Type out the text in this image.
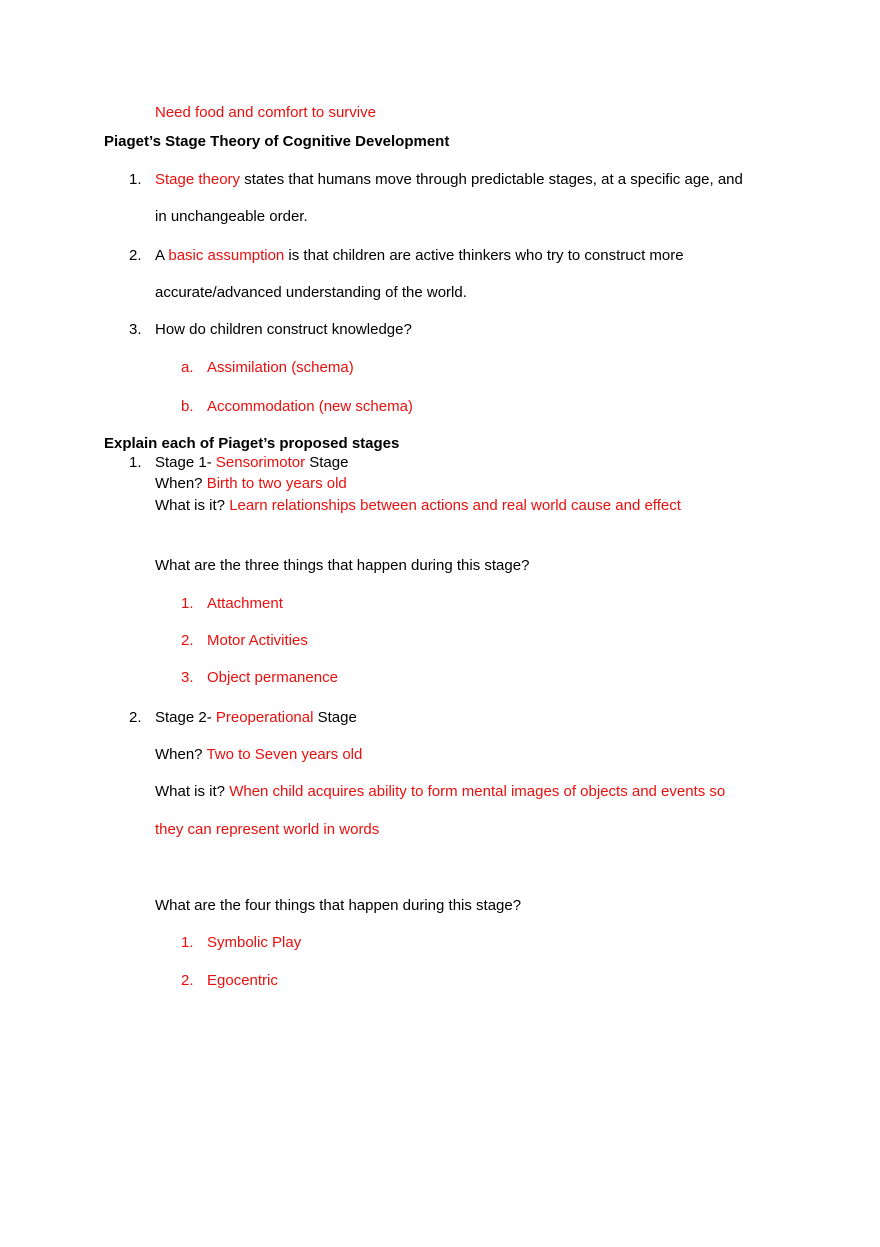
Need food and comfort to survive
Piaget’s Stage Theory of Cognitive Development
1. Stage theory states that humans move through predictable stages, at a specific age, and
in unchangeable order.
2. A basic assumption is that children are active thinkers who try to construct more
accurate/advanced understanding of the world.
3. How do children construct knowledge?
a. Assimilation (schema)
b. Accommodation (new schema)
Explain each of Piaget’s proposed stages
1. Stage 1- Sensorimotor Stage
When? Birth to two years old
What is it? Learn relationships between actions and real world cause and effect
What are the three things that happen during this stage?
1. Attachment
2. Motor Activities
3. Object permanence
2. Stage 2- Preoperational Stage
When? Two to Seven years old
What is it? When child acquires ability to form mental images of objects and events so
they can represent world in words
What are the four things that happen during this stage?
1. Symbolic Play
2. Egocentric
